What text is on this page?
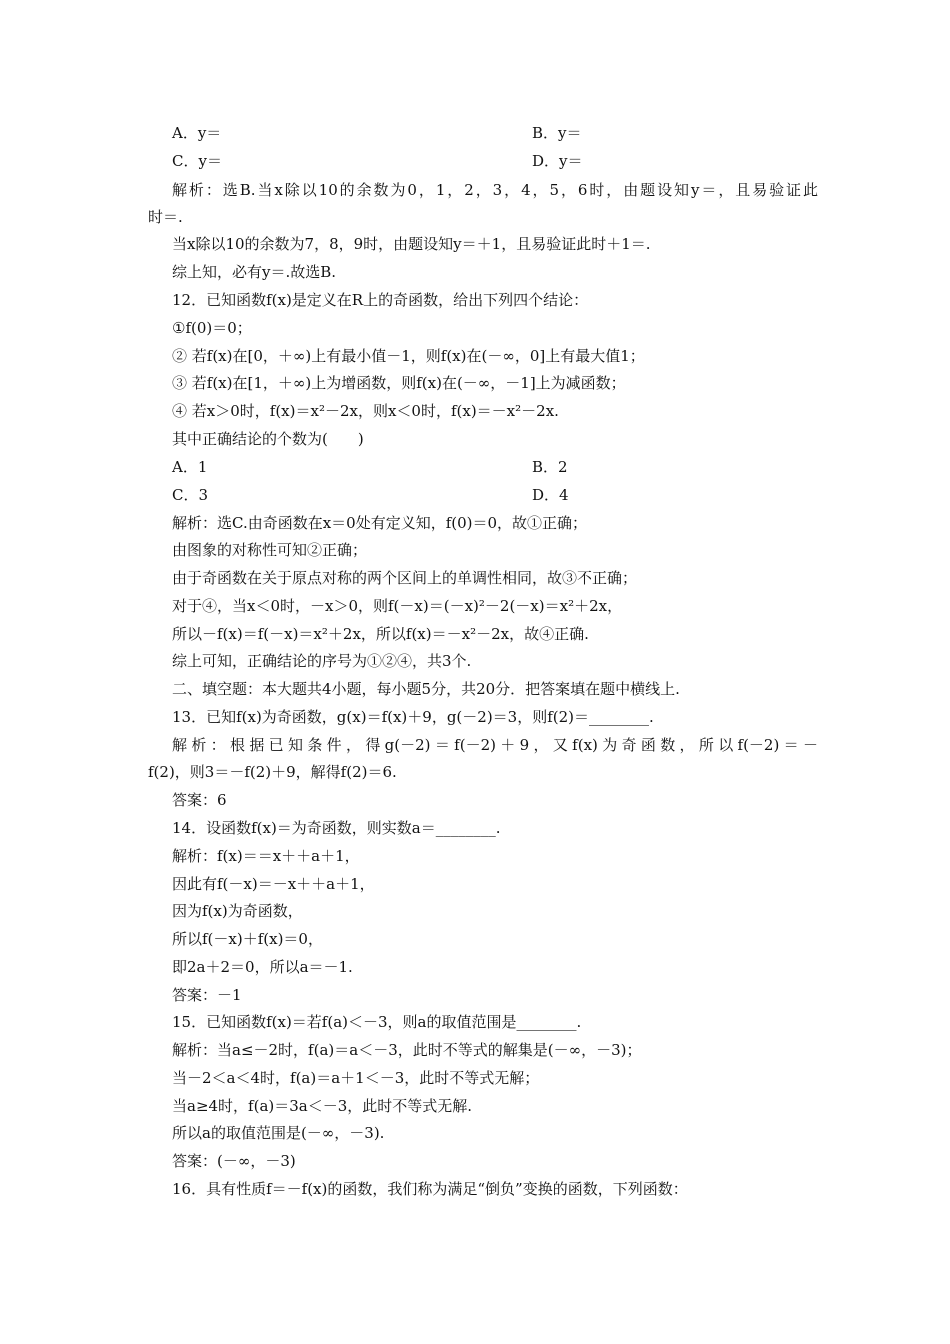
A．y＝	B．y＝
C．y＝	D．y＝
解析：选B.当x除以10的余数为0，1，2，3，4，5，6时，由题设知y＝，且易验证此
时＝.
当x除以10的余数为7，8，9时，由题设知y＝＋1，且易验证此时＋1＝.
综上知，必有y＝.故选B.
12．已知函数f(x)是定义在R上的奇函数，给出下列四个结论：
①f(0)＝0；
② 若f(x)在[0，＋∞)上有最小值－1，则f(x)在(－∞，0]上有最大值1；
③ 若f(x)在[1，＋∞)上为增函数，则f(x)在(－∞，－1]上为减函数；
④ 若x＞0时，f(x)＝x²－2x，则x＜0时，f(x)＝－x²－2x.
其中正确结论的个数为(　　)
A．1	B．2
C．3	D．4
解析：选C.由奇函数在x＝0处有定义知，f(0)＝0，故①正确；
由图象的对称性可知②正确；
由于奇函数在关于原点对称的两个区间上的单调性相同，故③不正确；
对于④，当x＜0时，－x＞0，则f(－x)＝(－x)²－2(－x)＝x²＋2x，
所以－f(x)＝f(－x)＝x²＋2x，所以f(x)＝－x²－2x，故④正确.
综上可知，正确结论的序号为①②④，共3个.
二、填空题：本大题共4小题，每小题5分，共20分．把答案填在题中横线上.
13．已知f(x)为奇函数，g(x)＝f(x)＋9，g(－2)＝3，则f(2)＝________.
解析：根据已知条件，得g(－2)＝f(－2)＋9，又f(x)为奇函数，所以f(－2)＝－
f(2)，则3＝－f(2)＋9，解得f(2)＝6.
答案：6
14．设函数f(x)＝为奇函数，则实数a＝________.
解析：f(x)＝＝x＋＋a＋1，
因此有f(－x)＝－x＋＋a＋1，
因为f(x)为奇函数，
所以f(－x)＋f(x)＝0，
即2a＋2＝0，所以a＝－1.
答案：－1
15．已知函数f(x)＝若f(a)＜－3，则a的取值范围是________.
解析：当a≤－2时，f(a)＝a＜－3，此时不等式的解集是(－∞，－3)；
当－2＜a＜4时，f(a)＝a＋1＜－3，此时不等式无解；
当a≥4时，f(a)＝3a＜－3，此时不等式无解.
所以a的取值范围是(－∞，－3).
答案：(－∞，－3)
16．具有性质f＝－f(x)的函数，我们称为满足“倒负”变换的函数，下列函数：
